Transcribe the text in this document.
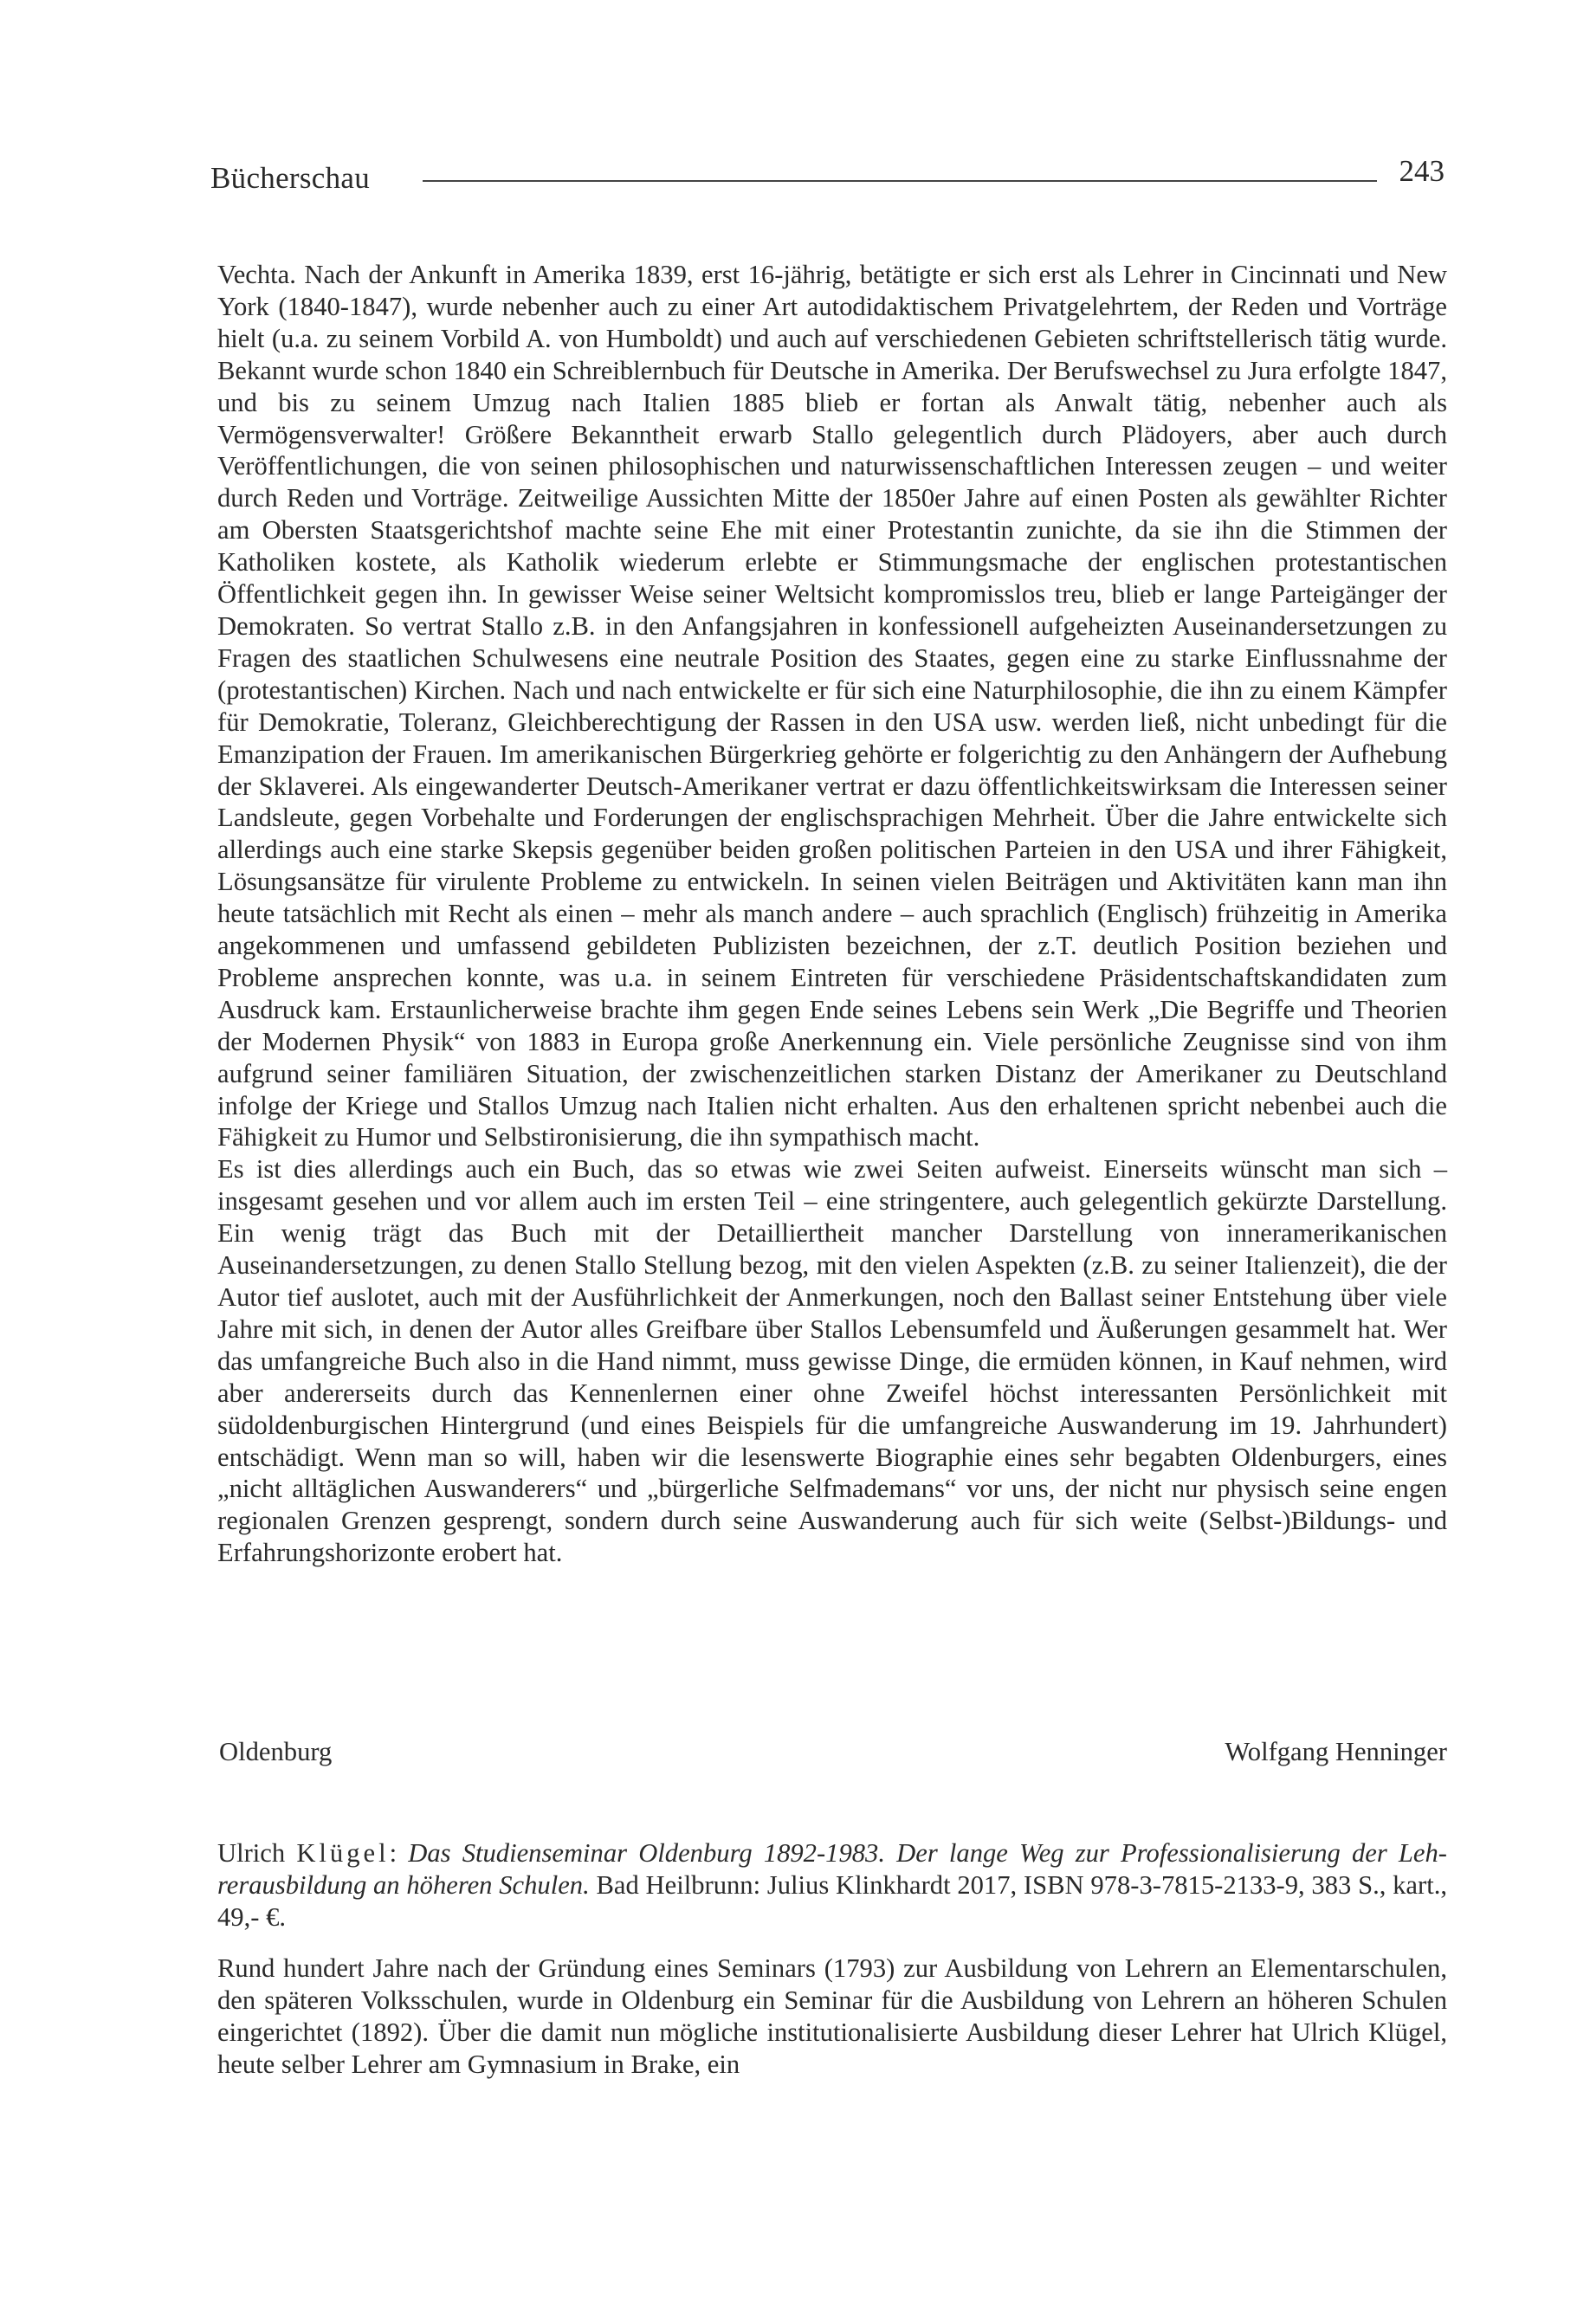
Bücherschau	243

Vechta. Nach der Ankunft in Amerika 1839, erst 16-jährig, betätigte er sich erst als Lehrer in Cincinnati und New York (1840-1847), wurde nebenher auch zu einer Art autodidaktischem Privatgelehrtem, der Reden und Vorträge hielt (u.a. zu seinem Vorbild A. von Humboldt) und auch auf verschiedenen Gebieten schriftstellerisch tätig wurde. Bekannt wurde schon 1840 ein Schreiblernbuch für Deutsche in Amerika. Der Berufswechsel zu Jura erfolgte 1847, und bis zu seinem Umzug nach Italien 1885 blieb er fortan als Anwalt tätig, nebenher auch als Vermögensverwalter! Größere Bekanntheit erwarb Stallo gelegentlich durch Plädoyers, aber auch durch Veröffentlichungen, die von seinen philosophischen und naturwissenschaftlichen Interessen zeugen – und weiter durch Reden und Vorträge. Zeitweilige Aussichten Mitte der 1850er Jahre auf einen Posten als gewählter Richter am Obersten Staatsgerichtshof machte seine Ehe mit einer Protestantin zunichte, da sie ihn die Stimmen der Katholiken kostete, als Katholik wiederum erlebte er Stimmungsmache der englischen protestantischen Öffentlichkeit gegen ihn. In gewisser Weise seiner Weltsicht kompromisslos treu, blieb er lange Parteigänger der Demokraten. So vertrat Stallo z.B. in den Anfangsjahren in konfessionell aufgeheizten Auseinandersetzungen zu Fragen des staatlichen Schulwesens eine neutrale Position des Staates, gegen eine zu starke Einflussnahme der (protestantischen) Kirchen. Nach und nach entwickelte er für sich eine Naturphilosophie, die ihn zu einem Kämpfer für Demokratie, Toleranz, Gleichberechtigung der Rassen in den USA usw. werden ließ, nicht unbedingt für die Emanzipation der Frauen. Im amerikanischen Bürgerkrieg gehörte er folgerichtig zu den Anhängern der Aufhebung der Sklaverei. Als eingewanderter Deutsch-Amerikaner vertrat er dazu öffentlichkeitswirksam die Interessen seiner Landsleute, gegen Vorbehalte und Forderungen der englischsprachigen Mehrheit. Über die Jahre entwickelte sich allerdings auch eine starke Skepsis gegenüber beiden großen politischen Parteien in den USA und ihrer Fähigkeit, Lösungsansätze für virulente Probleme zu entwickeln. In seinen vielen Beiträgen und Aktivitäten kann man ihn heute tatsächlich mit Recht als einen – mehr als manch andere – auch sprachlich (Englisch) frühzeitig in Amerika angekommenen und umfassend gebildeten Publizisten bezeichnen, der z.T. deutlich Position beziehen und Probleme ansprechen konnte, was u.a. in seinem Eintreten für verschiedene Präsidentschaftskandidaten zum Ausdruck kam. Erstaunlicherweise brachte ihm gegen Ende seines Lebens sein Werk „Die Begriffe und Theorien der Modernen Physik“ von 1883 in Europa große Anerkennung ein. Viele persönliche Zeugnisse sind von ihm aufgrund seiner familiären Situation, der zwischenzeitlichen starken Distanz der Amerikaner zu Deutschland infolge der Kriege und Stallos Umzug nach Italien nicht erhalten. Aus den erhaltenen spricht nebenbei auch die Fähigkeit zu Humor und Selbstironisierung, die ihn sympathisch macht.

Es ist dies allerdings auch ein Buch, das so etwas wie zwei Seiten aufweist. Einerseits wünscht man sich – insgesamt gesehen und vor allem auch im ersten Teil – eine stringentere, auch gelegentlich gekürzte Darstellung. Ein wenig trägt das Buch mit der Detailliertheit mancher Darstellung von inneramerikanischen Auseinandersetzungen, zu denen Stallo Stellung bezog, mit den vielen Aspekten (z.B. zu seiner Italienzeit), die der Autor tief auslotet, auch mit der Ausführlichkeit der Anmerkungen, noch den Ballast seiner Entstehung über viele Jahre mit sich, in denen der Autor alles Greifbare über Stallos Lebensumfeld und Äußerungen gesammelt hat. Wer das umfangreiche Buch also in die Hand nimmt, muss gewisse Dinge, die ermüden können, in Kauf nehmen, wird aber andererseits durch das Kennenlernen einer ohne Zweifel höchst interessanten Persönlichkeit mit südoldenburgischen Hintergrund (und eines Beispiels für die umfangreiche Auswanderung im 19. Jahrhundert) entschädigt. Wenn man so will, haben wir die lesenswerte Biographie eines sehr begabten Oldenburgers, eines „nicht alltäglichen Auswanderers“ und „bürgerliche Selfmademans“ vor uns, der nicht nur physisch seine engen regionalen Grenzen gesprengt, sondern durch seine Auswanderung auch für sich weite (Selbst-)Bildungs- und Erfahrungshorizonte erobert hat.

Oldenburg	Wolfgang Henninger
Ulrich Klügel: Das Studienseminar Oldenburg 1892-1983. Der lange Weg zur Professionalisierung der Lehrerausbildung an höheren Schulen. Bad Heilbrunn: Julius Klinkhardt 2017, ISBN 978-3-7815-2133-9, 383 S., kart., 49,- €.

Rund hundert Jahre nach der Gründung eines Seminars (1793) zur Ausbildung von Lehrern an Elementarschulen, den späteren Volksschulen, wurde in Oldenburg ein Seminar für die Ausbildung von Lehrern an höheren Schulen eingerichtet (1892). Über die damit nun mögliche institutionalisierte Ausbildung dieser Lehrer hat Ulrich Klügel, heute selber Lehrer am Gymnasium in Brake, ein
